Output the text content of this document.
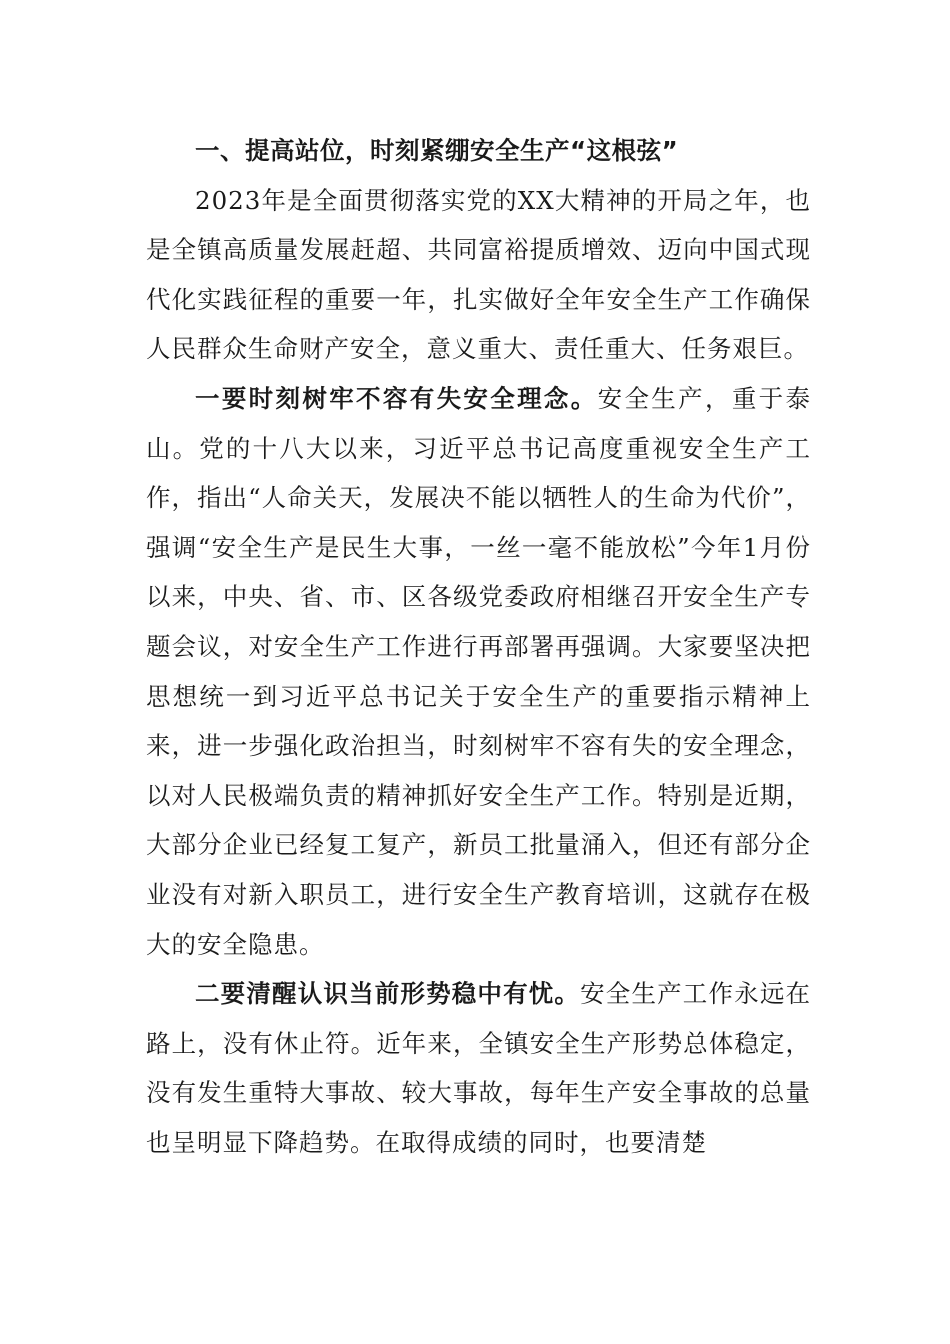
一、提高站位，时刻紧绷安全生产“这根弦”

2023年是全面贯彻落实党的XX大精神的开局之年，也是全镇高质量发展赶超、共同富裕提质增效、迈向中国式现代化实践征程的重要一年，扎实做好全年安全生产工作确保人民群众生命财产安全，意义重大、责任重大、任务艰巨。

一要时刻树牢不容有失安全理念。安全生产，重于泰山。党的十八大以来，习近平总书记高度重视安全生产工作，指出“人命关天，发展决不能以牺牲人的生命为代价”，强调“安全生产是民生大事，一丝一毫不能放松”今年1月份以来，中央、省、市、区各级党委政府相继召开安全生产专题会议，对安全生产工作进行再部署再强调。大家要坚决把思想统一到习近平总书记关于安全生产的重要指示精神上来，进一步强化政治担当，时刻树牢不容有失的安全理念，以对人民极端负责的精神抓好安全生产工作。特别是近期，大部分企业已经复工复产，新员工批量涌入，但还有部分企业没有对新入职员工，进行安全生产教育培训，这就存在极大的安全隐患。

二要清醒认识当前形势稳中有忧。安全生产工作永远在路上，没有休止符。近年来，全镇安全生产形势总体稳定，没有发生重特大事故、较大事故，每年生产安全事故的总量也呈明显下降趋势。在取得成绩的同时，也要清楚
